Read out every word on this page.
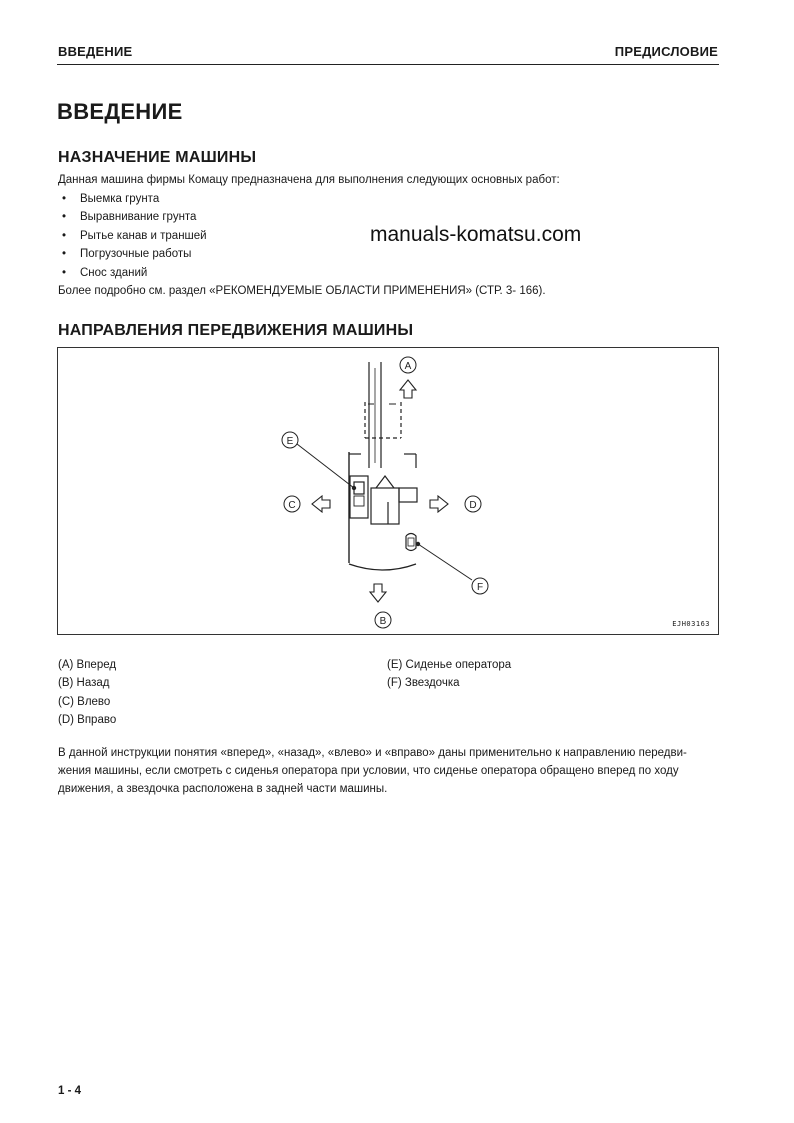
ВВЕДЕНИЕ	ПРЕДИСЛОВИЕ
ВВЕДЕНИЕ
НАЗНАЧЕНИЕ МАШИНЫ
Данная машина фирмы Комацу предназначена для выполнения следующих основных работ:
• Выемка грунта
• Выравнивание грунта
• Рытье канав и траншей
• Погрузочные работы
• Снос зданий
Более подробно см. раздел «РЕКОМЕНДУЕМЫЕ ОБЛАСТИ ПРИМЕНЕНИЯ» (СТР. 3- 166).
manuals-komatsu.com
НАПРАВЛЕНИЯ ПЕРЕДВИЖЕНИЯ МАШИНЫ
A
B
C	D
E
F
EJH03163
(A) Вперед
(B) Назад
(C) Влево
(D) Вправо
(E) Сиденье оператора
(F) Звездочка
В данной инструкции понятия «вперед», «назад», «влево» и «вправо» даны применительно к направлению передви-
жения машины, если смотреть с сиденья оператора при условии, что сиденье оператора обращено вперед по ходу
движения, а звездочка расположена в задней части машины.
1 - 4
